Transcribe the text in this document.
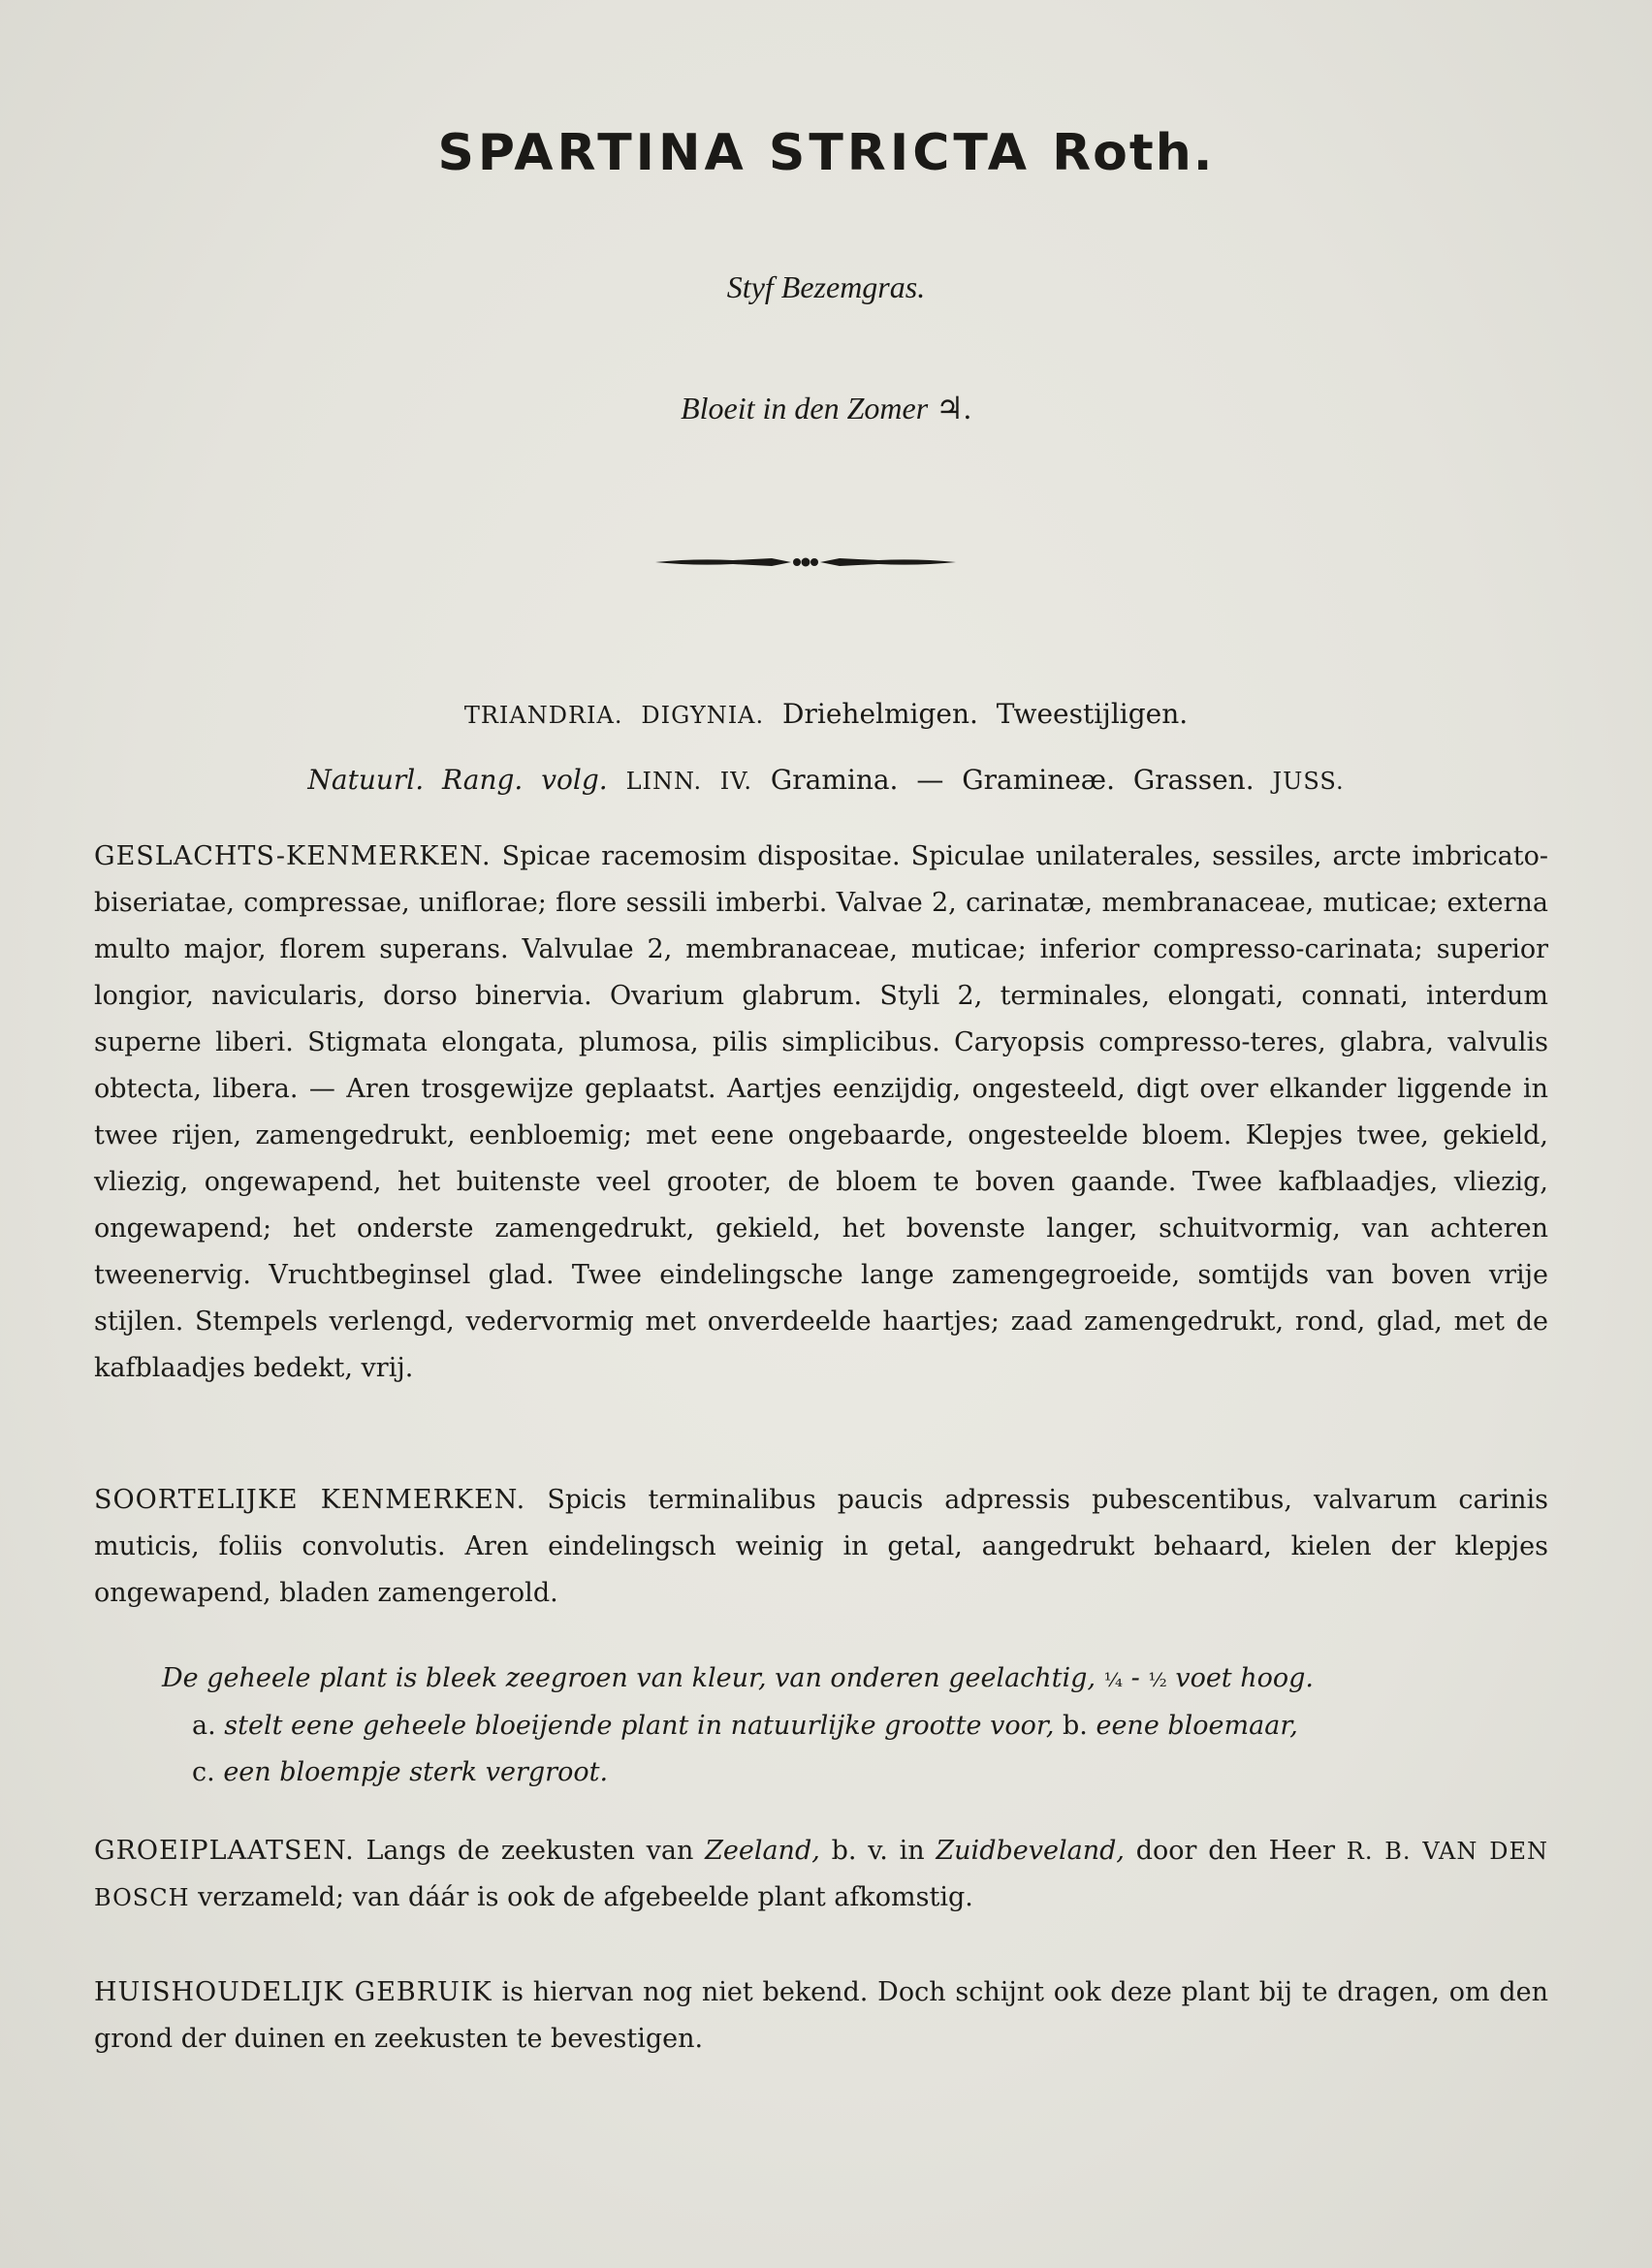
SPARTINA STRICTA Roth.
Styf Bezemgras.
Bloeit in den Zomer ♃.
TRIANDRIA. DIGYNIA. Driehelmigen. Tweestijligen.
Natuurl. Rang. volg. LINN. IV. Gramina. — Gramineæ. Grassen. JUSS.
GESLACHTS-KENMERKEN. Spicae racemosim dispositae. Spiculae unilaterales, sessiles, arcte imbricato-biseriatae, compressae, uniflorae; flore sessili imberbi. Valvae 2, carinatæ, membranaceae, muticae; externa multo major, florem superans. Valvulae 2, membranaceae, muticae; inferior compresso-carinata; superior longior, navicularis, dorso binervia. Ovarium glabrum. Styli 2, terminales, elongati, connati, interdum superne liberi. Stigmata elongata, plumosa, pilis simplicibus. Caryopsis compresso-teres, glabra, valvulis obtecta, libera. — Aren trosgewijze geplaatst. Aartjes eenzijdig, ongesteeld, digt over elkander liggende in twee rijen, zamengedrukt, eenbloemig; met eene ongebaarde, ongesteelde bloem. Klepjes twee, gekield, vliezig, ongewapend, het buitenste veel grooter, de bloem te boven gaande. Twee kafblaadjes, vliezig, ongewapend; het onderste zamengedrukt, gekield, het bovenste langer, schuitvormig, van achteren tweenervig. Vruchtbeginsel glad. Twee eindelingsche lange zamengegroeide, somtijds van boven vrije stijlen. Stempels verlengd, vedervormig met onverdeelde haartjes; zaad zamengedrukt, rond, glad, met de kafblaadjes bedekt, vrij.
SOORTELIJKE KENMERKEN. Spicis terminalibus paucis adpressis pubescentibus, valvarum carinis muticis, foliis convolutis. Aren eindelingsch weinig in getal, aangedrukt behaard, kielen der klepjes ongewapend, bladen zamengerold.
De geheele plant is bleek zeegroen van kleur, van onderen geelachtig, ¼ - ½ voet hoog.
a. stelt eene geheele bloeijende plant in natuurlijke grootte voor, b. eene bloemaar,
c. een bloempje sterk vergroot.
GROEIPLAATSEN. Langs de zeekusten van Zeeland, b. v. in Zuidbeveland, door den Heer R. B. VAN DEN BOSCH verzameld; van dáár is ook de afgebeelde plant afkomstig.
HUISHOUDELIJK GEBRUIK is hiervan nog niet bekend. Doch schijnt ook deze plant bij te dragen, om den grond der duinen en zeekusten te bevestigen.
